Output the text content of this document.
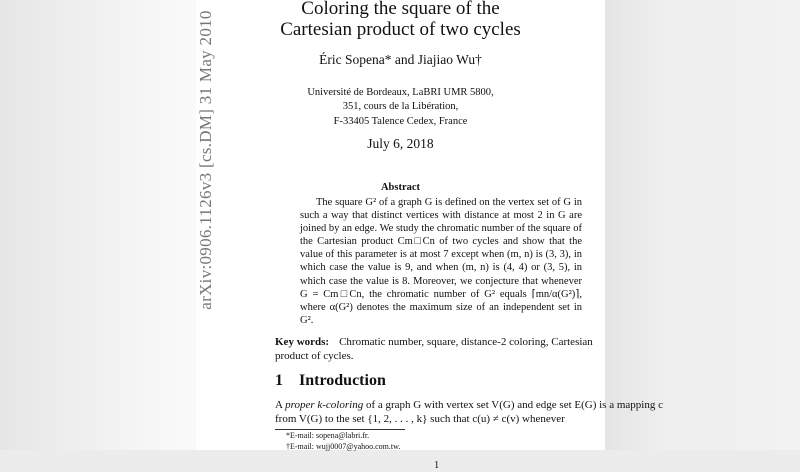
arXiv:0906.1126v3 [cs.DM] 31 May 2010
Coloring the square of the
Cartesian product of two cycles
Éric Sopena* and Jiajiao Wu†
Université de Bordeaux, LaBRI UMR 5800,
351, cours de la Libération,
F-33405 Talence Cedex, France
July 6, 2018
Abstract
The square G² of a graph G is defined on the vertex set of G in such a way that distinct vertices with distance at most 2 in G are joined by an edge. We study the chromatic number of the square of the Cartesian product Cm□Cn of two cycles and show that the value of this parameter is at most 7 except when (m, n) is (3, 3), in which case the value is 9, and when (m, n) is (4, 4) or (3, 5), in which case the value is 8. Moreover, we conjecture that whenever G = Cm□Cn, the chromatic number of G² equals ⌈mn/α(G²)⌉, where α(G²) denotes the maximum size of an independent set in G².
Key words: Chromatic number, square, distance-2 coloring, Cartesian product of cycles.
1 Introduction
A proper k-coloring of a graph G with vertex set V(G) and edge set E(G) is a mapping c from V(G) to the set {1, 2, . . . , k} such that c(u) ≠ c(v) whenever
*E-mail: sopena@labri.fr.
†E-mail: wujj0007@yahoo.com.tw.
1
